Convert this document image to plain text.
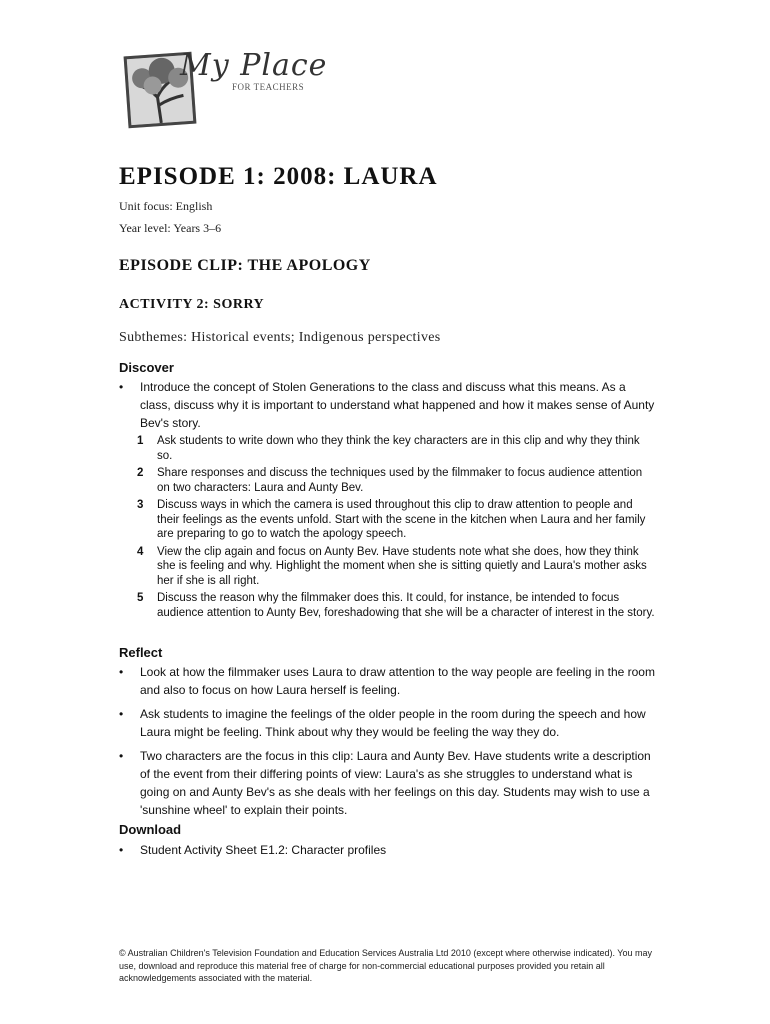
My Place
FOR TEACHERS
EPISODE 1: 2008: LAURA
Unit focus: English
Year level: Years 3–6
EPISODE CLIP: THE APOLOGY
ACTIVITY 2: SORRY
Subthemes: Historical events; Indigenous perspectives
Discover
• Introduce the concept of Stolen Generations to the class and discuss what this means. As a class, discuss why it is important to understand what happened and how it makes sense of Aunty Bev's story.
1 Ask students to write down who they think the key characters are in this clip and why they think so.
2 Share responses and discuss the techniques used by the filmmaker to focus audience attention on two characters: Laura and Aunty Bev.
3 Discuss ways in which the camera is used throughout this clip to draw attention to people and their feelings as the events unfold. Start with the scene in the kitchen when Laura and her family are preparing to go to watch the apology speech.
4 View the clip again and focus on Aunty Bev. Have students note what she does, how they think she is feeling and why. Highlight the moment when she is sitting quietly and Laura's mother asks her if she is all right.
5 Discuss the reason why the filmmaker does this. It could, for instance, be intended to focus audience attention to Aunty Bev, foreshadowing that she will be a character of interest in the story.
Reflect
• Look at how the filmmaker uses Laura to draw attention to the way people are feeling in the room and also to focus on how Laura herself is feeling.
• Ask students to imagine the feelings of the older people in the room during the speech and how Laura might be feeling. Think about why they would be feeling the way they do.
• Two characters are the focus in this clip: Laura and Aunty Bev. Have students write a description of the event from their differing points of view: Laura's as she struggles to understand what is going on and Aunty Bev's as she deals with her feelings on this day. Students may wish to use a 'sunshine wheel' to explain their points.
Download
• Student Activity Sheet E1.2: Character profiles
© Australian Children's Television Foundation and Education Services Australia Ltd 2010 (except where otherwise indicated). You may use, download and reproduce this material free of charge for non-commercial educational purposes provided you retain all acknowledgements associated with the material.
